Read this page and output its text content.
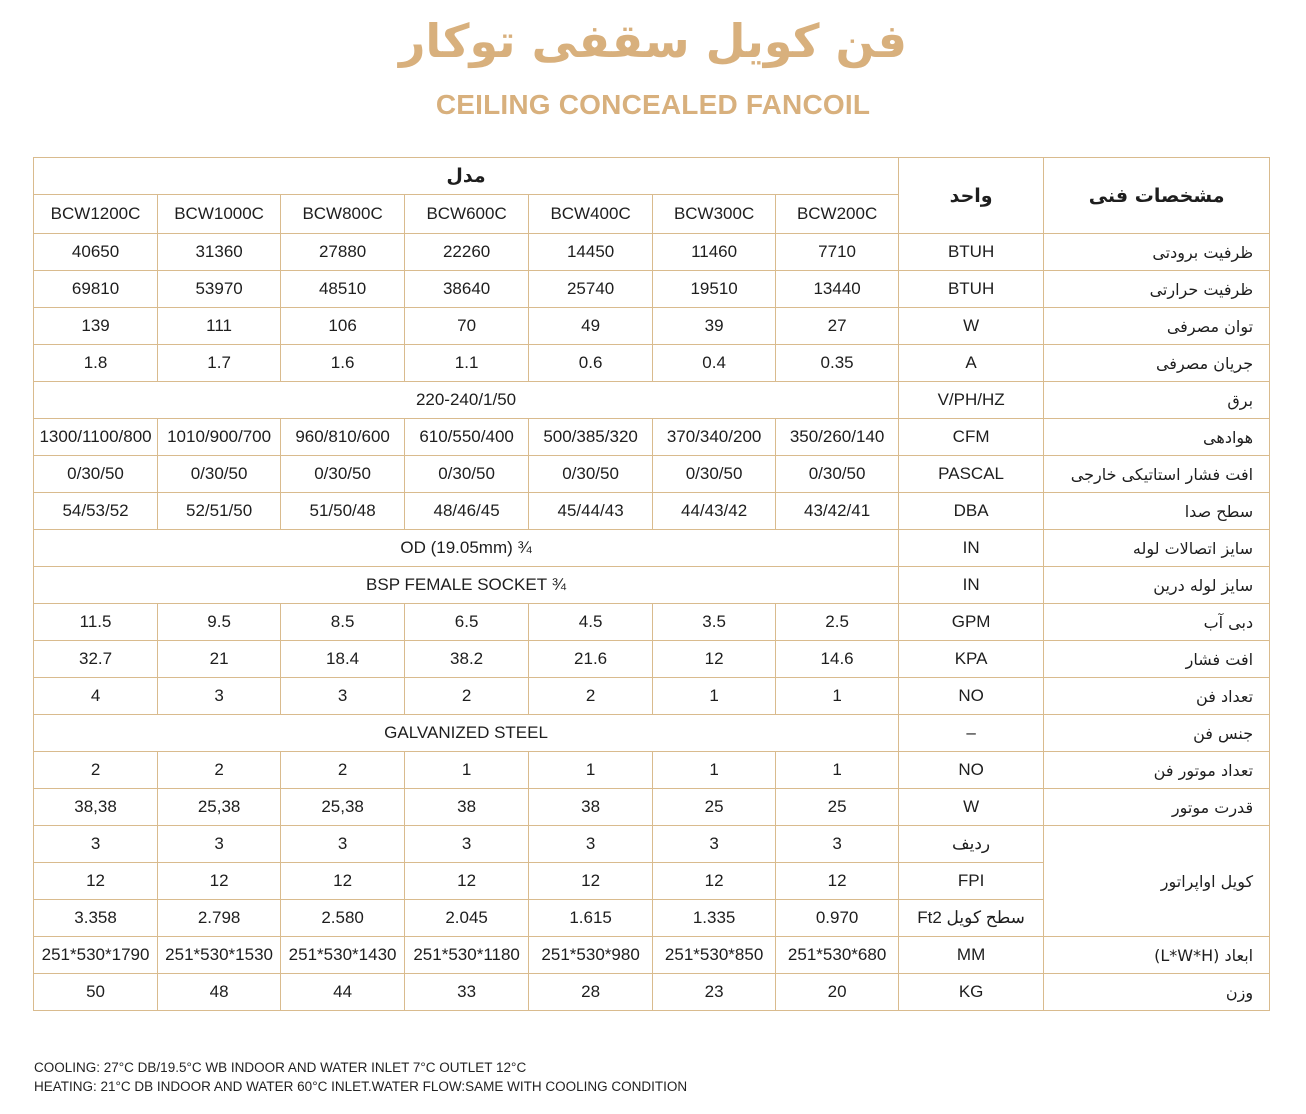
فن کویل سقفی توکار
CEILING CONCEALED FANCOIL
مشخصات فنی	واحد	مدل						
		BCW200C	BCW300C	BCW400C	BCW600C	BCW800C	BCW1000C	BCW1200C
ظرفیت برودتی	BTUH	7710	11460	14450	22260	27880	31360	40650
ظرفیت حرارتی	BTUH	13440	19510	25740	38640	48510	53970	69810
توان مصرفی	W	27	39	49	70	106	111	139
جریان مصرفی	A	0.35	0.4	0.6	1.1	1.6	1.7	1.8
برق	V/PH/HZ	220-240/1/50						
هوادهی	CFM	350/260/140	370/340/200	500/385/320	610/550/400	960/810/600	1010/900/700	1300/1100/800
افت فشار استاتیکی خارجی	PASCAL	0/30/50	0/30/50	0/30/50	0/30/50	0/30/50	0/30/50	0/30/50
سطح صدا	DBA	43/42/41	44/43/42	45/44/43	48/46/45	51/50/48	52/51/50	54/53/52
سایز اتصالات لوله	IN	¾ OD (19.05mm)						
سایز لوله درین	IN	¾ BSP FEMALE SOCKET						
دبی آب	GPM	2.5	3.5	4.5	6.5	8.5	9.5	11.5
افت فشار	KPA	14.6	12	21.6	38.2	18.4	21	32.7
تعداد فن	NO	1	1	2	2	3	3	4
جنس فن	–	GALVANIZED STEEL						
تعداد موتور فن	NO	1	1	1	1	2	2	2
قدرت موتور	W	25	25	38	38	25,38	25,38	38,38
کویل اواپراتور	ردیف	3	3	3	3	3	3	3
	FPI	12	12	12	12	12	12	12
	سطح کویل Ft2	0.970	1.335	1.615	2.045	2.580	2.798	3.358
ابعاد (L*W*H)	MM	680*530*251	850*530*251	980*530*251	1180*530*251	1430*530*251	1530*530*251	1790*530*251
وزن	KG	20	23	28	33	44	48	50
COOLING: 27°C DB/19.5°C WB INDOOR AND WATER INLET 7°C OUTLET 12°C
HEATING: 21°C DB INDOOR AND WATER 60°C INLET.WATER FLOW:SAME WITH COOLING CONDITION
